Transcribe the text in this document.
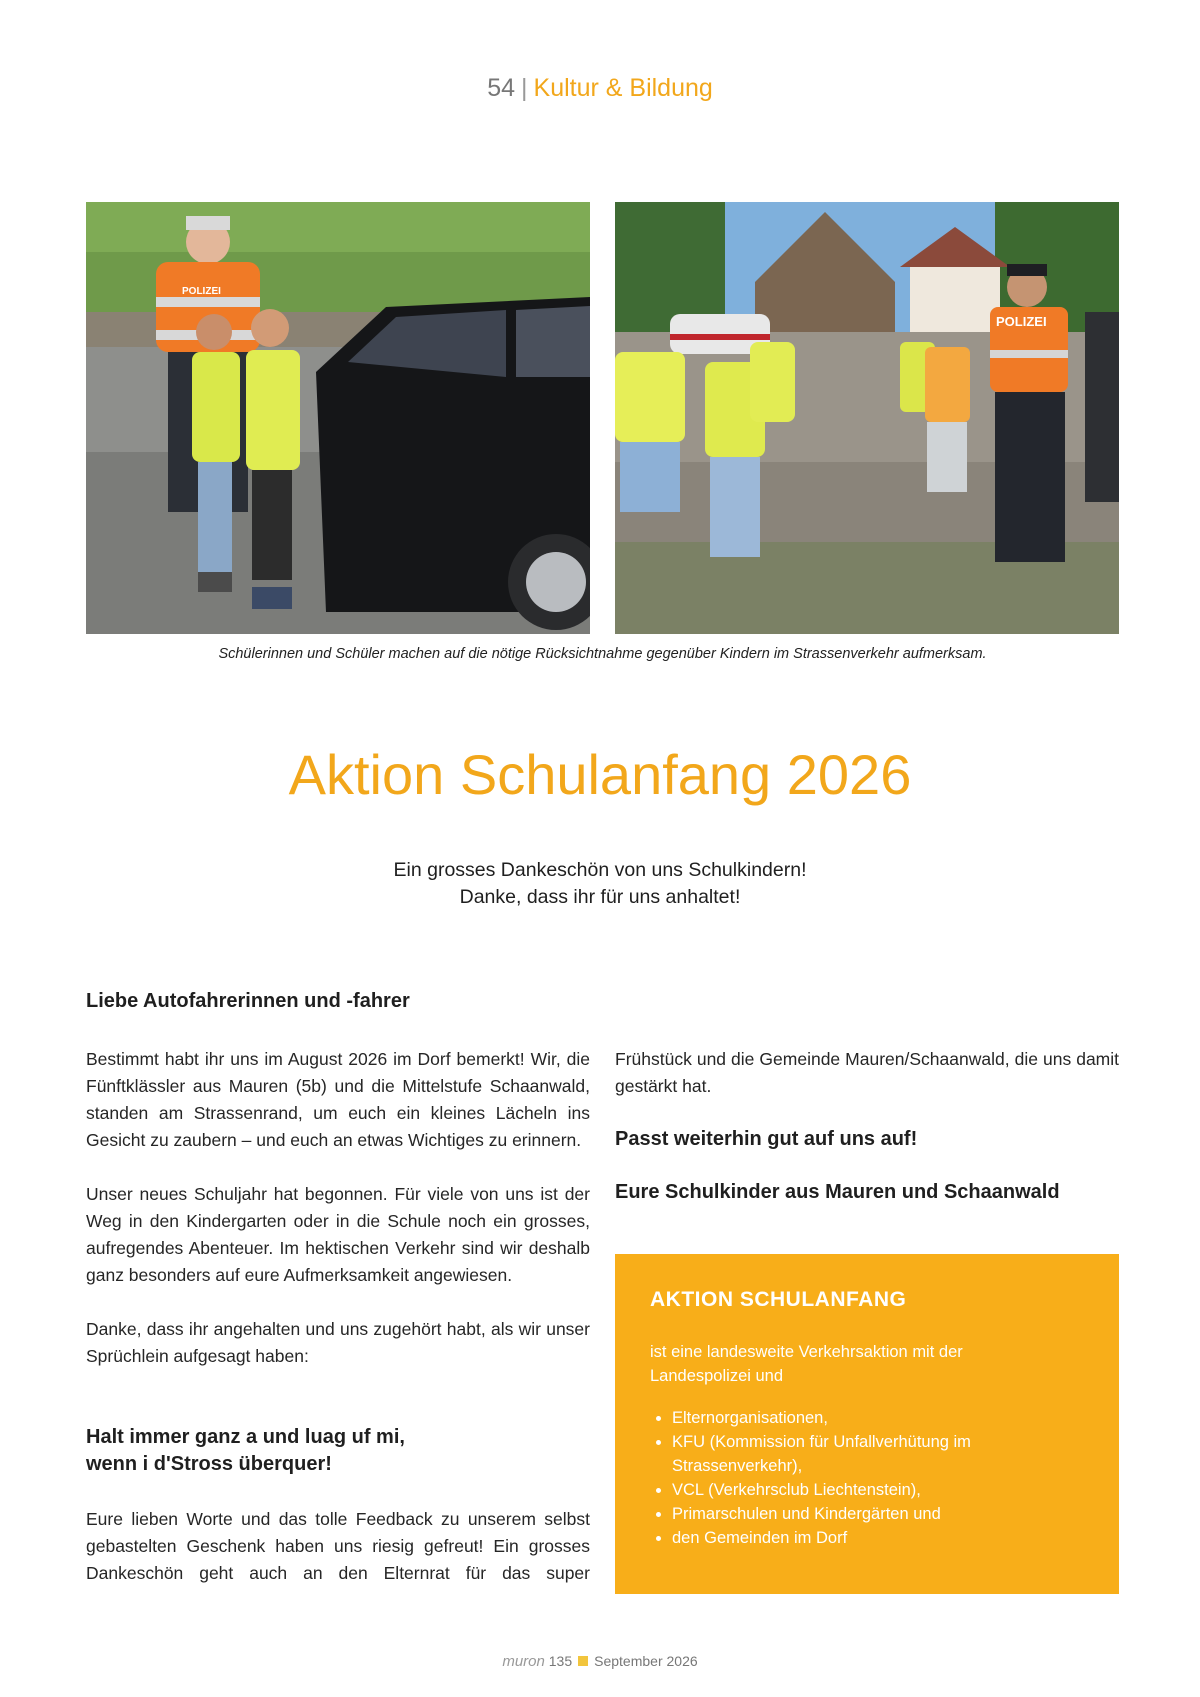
54 | Kultur & Bildung
POLIZEI
POLIZEI
Schülerinnen und Schüler machen auf die nötige Rücksichtnahme gegenüber Kindern im Strassenverkehr aufmerksam.
Aktion Schulanfang 2026
Ein grosses Dankeschön von uns Schulkindern!
Danke, dass ihr für uns anhaltet!
Liebe Autofahrerinnen und -fahrer
Bestimmt habt ihr uns im August 2026 im Dorf bemerkt! Wir, die Fünftklässler aus Mauren (5b) und die Mittelstufe Schaanwald, standen am Strassenrand, um euch ein kleines Lächeln ins Gesicht zu zaubern – und euch an etwas Wichtiges zu erinnern.
Unser neues Schuljahr hat begonnen. Für viele von uns ist der Weg in den Kindergarten oder in die Schule noch ein grosses, aufregendes Abenteuer. Im hektischen Verkehr sind wir deshalb ganz besonders auf eure Aufmerksamkeit angewiesen.
Danke, dass ihr angehalten und uns zugehört habt, als wir unser Sprüchlein aufgesagt haben:
Halt immer ganz a und luag uf mi,
wenn i d'Stross überquer!
Eure lieben Worte und das tolle Feedback zu unserem selbst gebastelten Geschenk haben uns riesig gefreut! Ein grosses Dankeschön geht auch an den Elternrat für das super
Frühstück und die Gemeinde Mauren/Schaanwald, die uns damit gestärkt hat.
Passt weiterhin gut auf uns auf!
Eure Schulkinder aus Mauren und Schaanwald
AKTION SCHULANFANG
ist eine landesweite Verkehrsaktion mit der Landespolizei und
• Elternorganisationen,
• KFU (Kommission für Unfallverhütung im Strassenverkehr),
• VCL (Verkehrsclub Liechtenstein),
• Primarschulen und Kindergärten und
• den Gemeinden im Dorf
muron 135 September 2026
